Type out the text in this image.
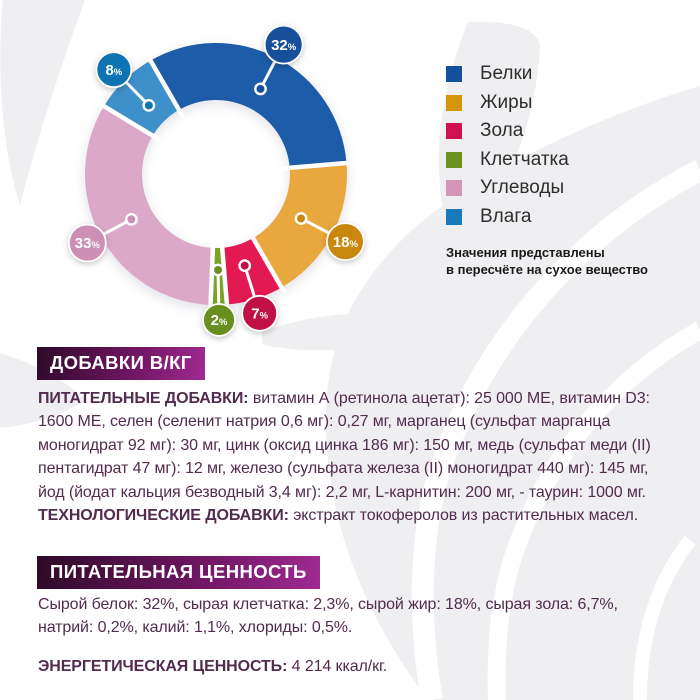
32%
18%
7%
2%
33%
8%	Белки
Жиры
Зола
Клетчатка
Углеводы
Влага
Значения представлены
в пересчёте на сухое вещество
ДОБАВКИ В/КГ
ПИТАТЕЛЬНЫЕ ДОБАВКИ: витамин А (ретинола ацетат): 25 000 МЕ, витамин D3: 1600 МЕ, селен (селенит натрия 0,6 мг): 0,27 мг, марганец (сульфат марганца моногидрат 92 мг): 30 мг, цинк (оксид цинка 186 мг): 150 мг, медь (сульфат меди (II) пентагидрат 47 мг): 12 мг, железо (сульфата железа (II) моногидрат 440 мг): 145 мг, йод (йодат кальция безводный 3,4 мг): 2,2 мг, L-карнитин: 200 мг, - таурин: 1000 мг.
ТЕХНОЛОГИЧЕСКИЕ ДОБАВКИ: экстракт токоферолов из растительных масел.
ПИТАТЕЛЬНАЯ ЦЕННОСТЬ
Сырой белок: 32%, сырая клетчатка: 2,3%, сырой жир: 18%, сырая зола: 6,7%, натрий: 0,2%, калий: 1,1%, хлориды: 0,5%.
ЭНЕРГЕТИЧЕСКАЯ ЦЕННОСТЬ: 4 214 ккал/кг.
